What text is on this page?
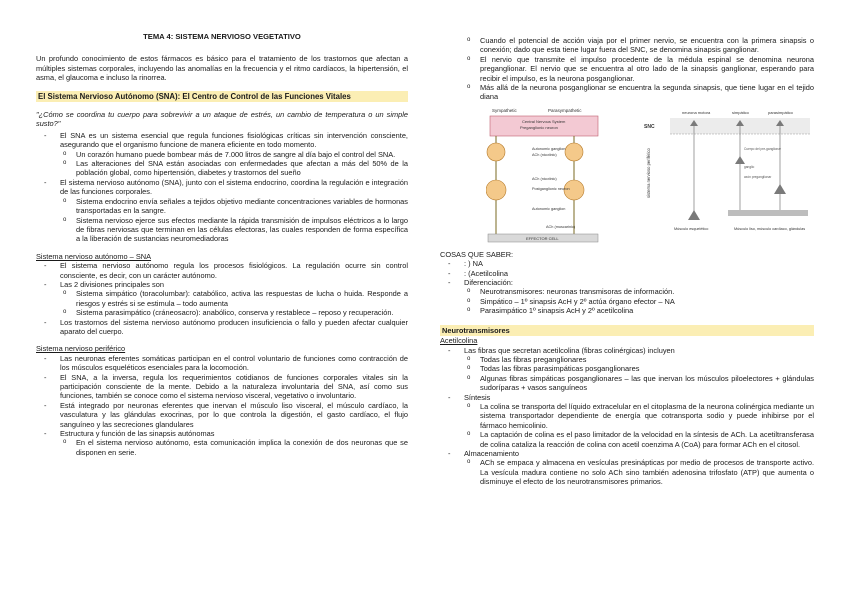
TEMA 4: SISTEMA NERVIOSO VEGETATIVO

Un profundo conocimiento de estos fármacos es básico para el tratamiento de los trastornos que afectan a múltiples sistemas corporales, incluyendo las anomalías en la frecuencia y el ritmo cardíacos, la hipertensión, el asma, el glaucoma e incluso la rinorrea.

El Sistema Nervioso Autónomo (SNA): El Centro de Control de las Funciones Vitales

"¿Cómo se coordina tu cuerpo para sobrevivir a un ataque de estrés, un cambio de temperatura o un simple susto?"

- El SNA es un sistema esencial que regula funciones fisiológicas críticas sin intervención consciente, asegurando que el organismo funcione de manera eficiente en todo momento.
o Un corazón humano puede bombear más de 7.000 litros de sangre al día bajo el control del SNA.
o Las alteraciones del SNA están asociadas con enfermedades que afectan a más del 50% de la población global, como hipertensión, diabetes y trastornos del sueño
- El sistema nervioso autónomo (SNA), junto con el sistema endocrino, coordina la regulación e integración de las funciones corporales.
o Sistema endocrino envía señales a tejidos objetivo mediante concentraciones variables de hormonas transportadas en la sangre.
o Sistema nervioso ejerce sus efectos mediante la rápida transmisión de impulsos eléctricos a lo largo de fibras nerviosas que terminan en las células efectoras, las cuales responden de forma específica a la liberación de sustancias neuromediadoras
Sistema nervioso autónomo – SNA
- El sistema nervioso autónomo regula los procesos fisiológicos. La regulación ocurre sin control consciente, es decir, con un carácter autónomo.
- Las 2 divisiones principales son
o Sistema simpático (toracolumbar): catabólico, activa las respuestas de lucha o huida. Responde a riesgos y estrés si se estimula – todo aumenta
o Sistema parasimpático (cráneosacro): anabólico, conserva y restablece – reposo y recuperación.
- Los trastornos del sistema nervioso autónomo producen insuficiencia o fallo y pueden afectar cualquier aparato del cuerpo.
Sistema nervioso periférico
- Las neuronas eferentes somáticas participan en el control voluntario de funciones como contracción de los músculos esqueléticos esenciales para la locomoción.
- El SNA, a la inversa, regula los requerimientos cotidianos de funciones corporales vitales sin la participación consciente de la mente. Debido a la naturaleza involuntaria del SNA, así como sus funciones, también se conoce como el sistema nervioso visceral, vegetativo o involuntario.
- Está integrado por neuronas eferentes que inervan el músculo liso visceral, el músculo cardíaco, la vasculatura y las glándulas exocrinas, por lo que controla la digestión, el gasto cardíaco, el flujo sanguíneo y las secreciones glandulares
- Estructura y función de las sinapsis autónomas
o En el sistema nervioso autónomo, esta comunicación implica la conexión de dos neuronas que se disponen en serie.
o Cuando el potencial de acción viaja por el primer nervio, se encuentra con la primera sinapsis o conexión; dado que esta tiene lugar fuera del SNC, se denomina sinapsis ganglionar.
o El nervio que transmite el impulso procedente de la médula espinal se denomina neurona preganglionar. El nervio que se encuentra al otro lado de la sinapsis ganglionar, esperando para recibir el impulso, es la neurona posganglionar.
o Más allá de la neurona posganglionar se encuentra la segunda sinapsis, que tiene lugar en el tejido diana
Sympathetic	Parasympathetic
Central Nervous System
Preganglionic neuron
Autonomic ganglion
ACh (nicotinic)
ACh (nicotinic)
Postganglionic neuron
Autonomic ganglion
ACh (muscarinic)
EFFECTOR CELL
neurona motora	simpático	parasimpático
SNC
sistema nervioso periférico	Cuerpo del pre-ganglionar
axón preganglionar
ganglio
Músculo esquelético	Músculo liso, músculo cardíaco, glándulas
COSAS QUE SABER:
- : ) NA
- : (Acetilcolina
- Diferenciación:
o Neurotransmisores: neuronas transmisoras de información.
o Simpático – 1º sinapsis AcH y 2º actúa órgano efector – NA
o Parasimpático 1º sinapsis AcH y 2º acetilcolina
Neurotransmisores
Acetilcolina
- Las fibras que secretan acetilcolina (fibras colinérgicas) incluyen
o Todas las fibras preganglionares
o Todas las fibras parasimpáticas posganglionares
o Algunas fibras simpáticas posganglionares – las que inervan los músculos piloelectores + glándulas sudoríparas + vasos sanguíneos
- Síntesis
o La colina se transporta del líquido extracelular en el citoplasma de la neurona colinérgica mediante un sistema transportador dependiente de energía que cotransporta sodio y puede inhibirse por el fármaco hemicolinio.
o La captación de colina es el paso limitador de la velocidad en la síntesis de ACh. La acetiltransferasa de colina cataliza la reacción de colina con acetil coenzima A (CoA) para formar ACh en el citosol.
- Almacenamiento
o ACh se empaca y almacena en vesículas presinápticas por medio de procesos de transporte activo. La vesícula madura contiene no solo ACh sino también adenosina trifosfato (ATP) que aumenta o disminuye el efecto de los neurotransmisores primarios.
